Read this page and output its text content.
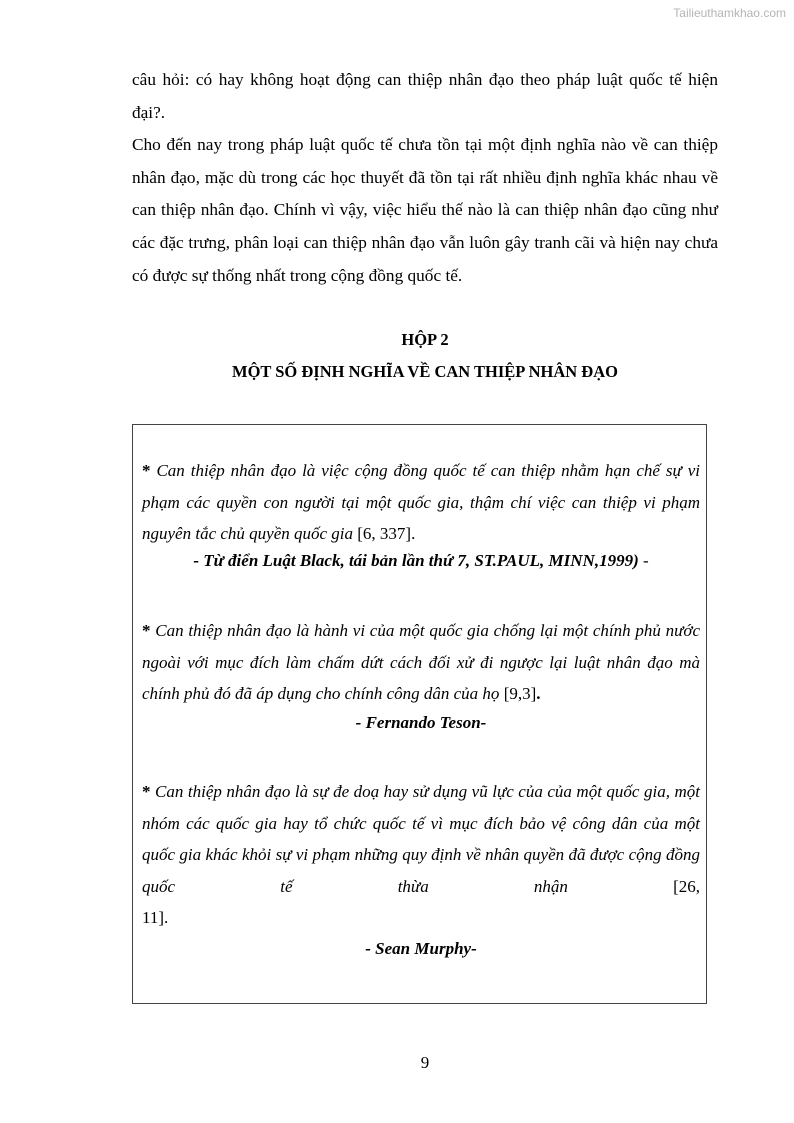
Tailieuthamkhao.com

câu hỏi: có hay không hoạt động can thiệp nhân đạo theo pháp luật quốc tế hiện đại?.

Cho đến nay trong pháp luật quốc tế chưa tồn tại một định nghĩa nào về can thiệp nhân đạo, mặc dù trong các học thuyết đã tồn tại rất nhiều định nghĩa khác nhau về can thiệp nhân đạo. Chính vì vậy, việc hiểu thế nào là can thiệp nhân đạo cũng như các đặc trưng, phân loại can thiệp nhân đạo vẫn luôn gây tranh cãi và hiện nay chưa có được sự thống nhất trong cộng đồng quốc tế.

HỘP 2
MỘT SỐ ĐỊNH NGHĨA VỀ CAN THIỆP NHÂN ĐẠO

* Can thiệp nhân đạo là việc cộng đồng quốc tế can thiệp nhằm hạn chế sự vi phạm các quyền con người tại một quốc gia, thậm chí việc can thiệp vi phạm nguyên tắc chủ quyền quốc gia [6, 337].

- Từ điển Luật Black, tái bản lần thứ 7, ST.PAUL, MINN,1999) -

* Can thiệp nhân đạo là hành vi của một quốc gia chống lại một chính phủ nước ngoài với mục đích làm chấm dứt cách đối xử đi ngược lại luật nhân đạo mà chính phủ đó đã áp dụng cho chính công dân của họ [9,3].

- Fernando Teson-

* Can thiệp nhân đạo là sự đe doạ hay sử dụng vũ lực của của một quốc gia, một nhóm các quốc gia hay tổ chức quốc tế vì mục đích bảo vệ công dân của một quốc gia khác khỏi sự vi phạm những quy định về nhân quyền đã được cộng đồng quốc tế thừa nhận [26,
11].

- Sean Murphy-

9
